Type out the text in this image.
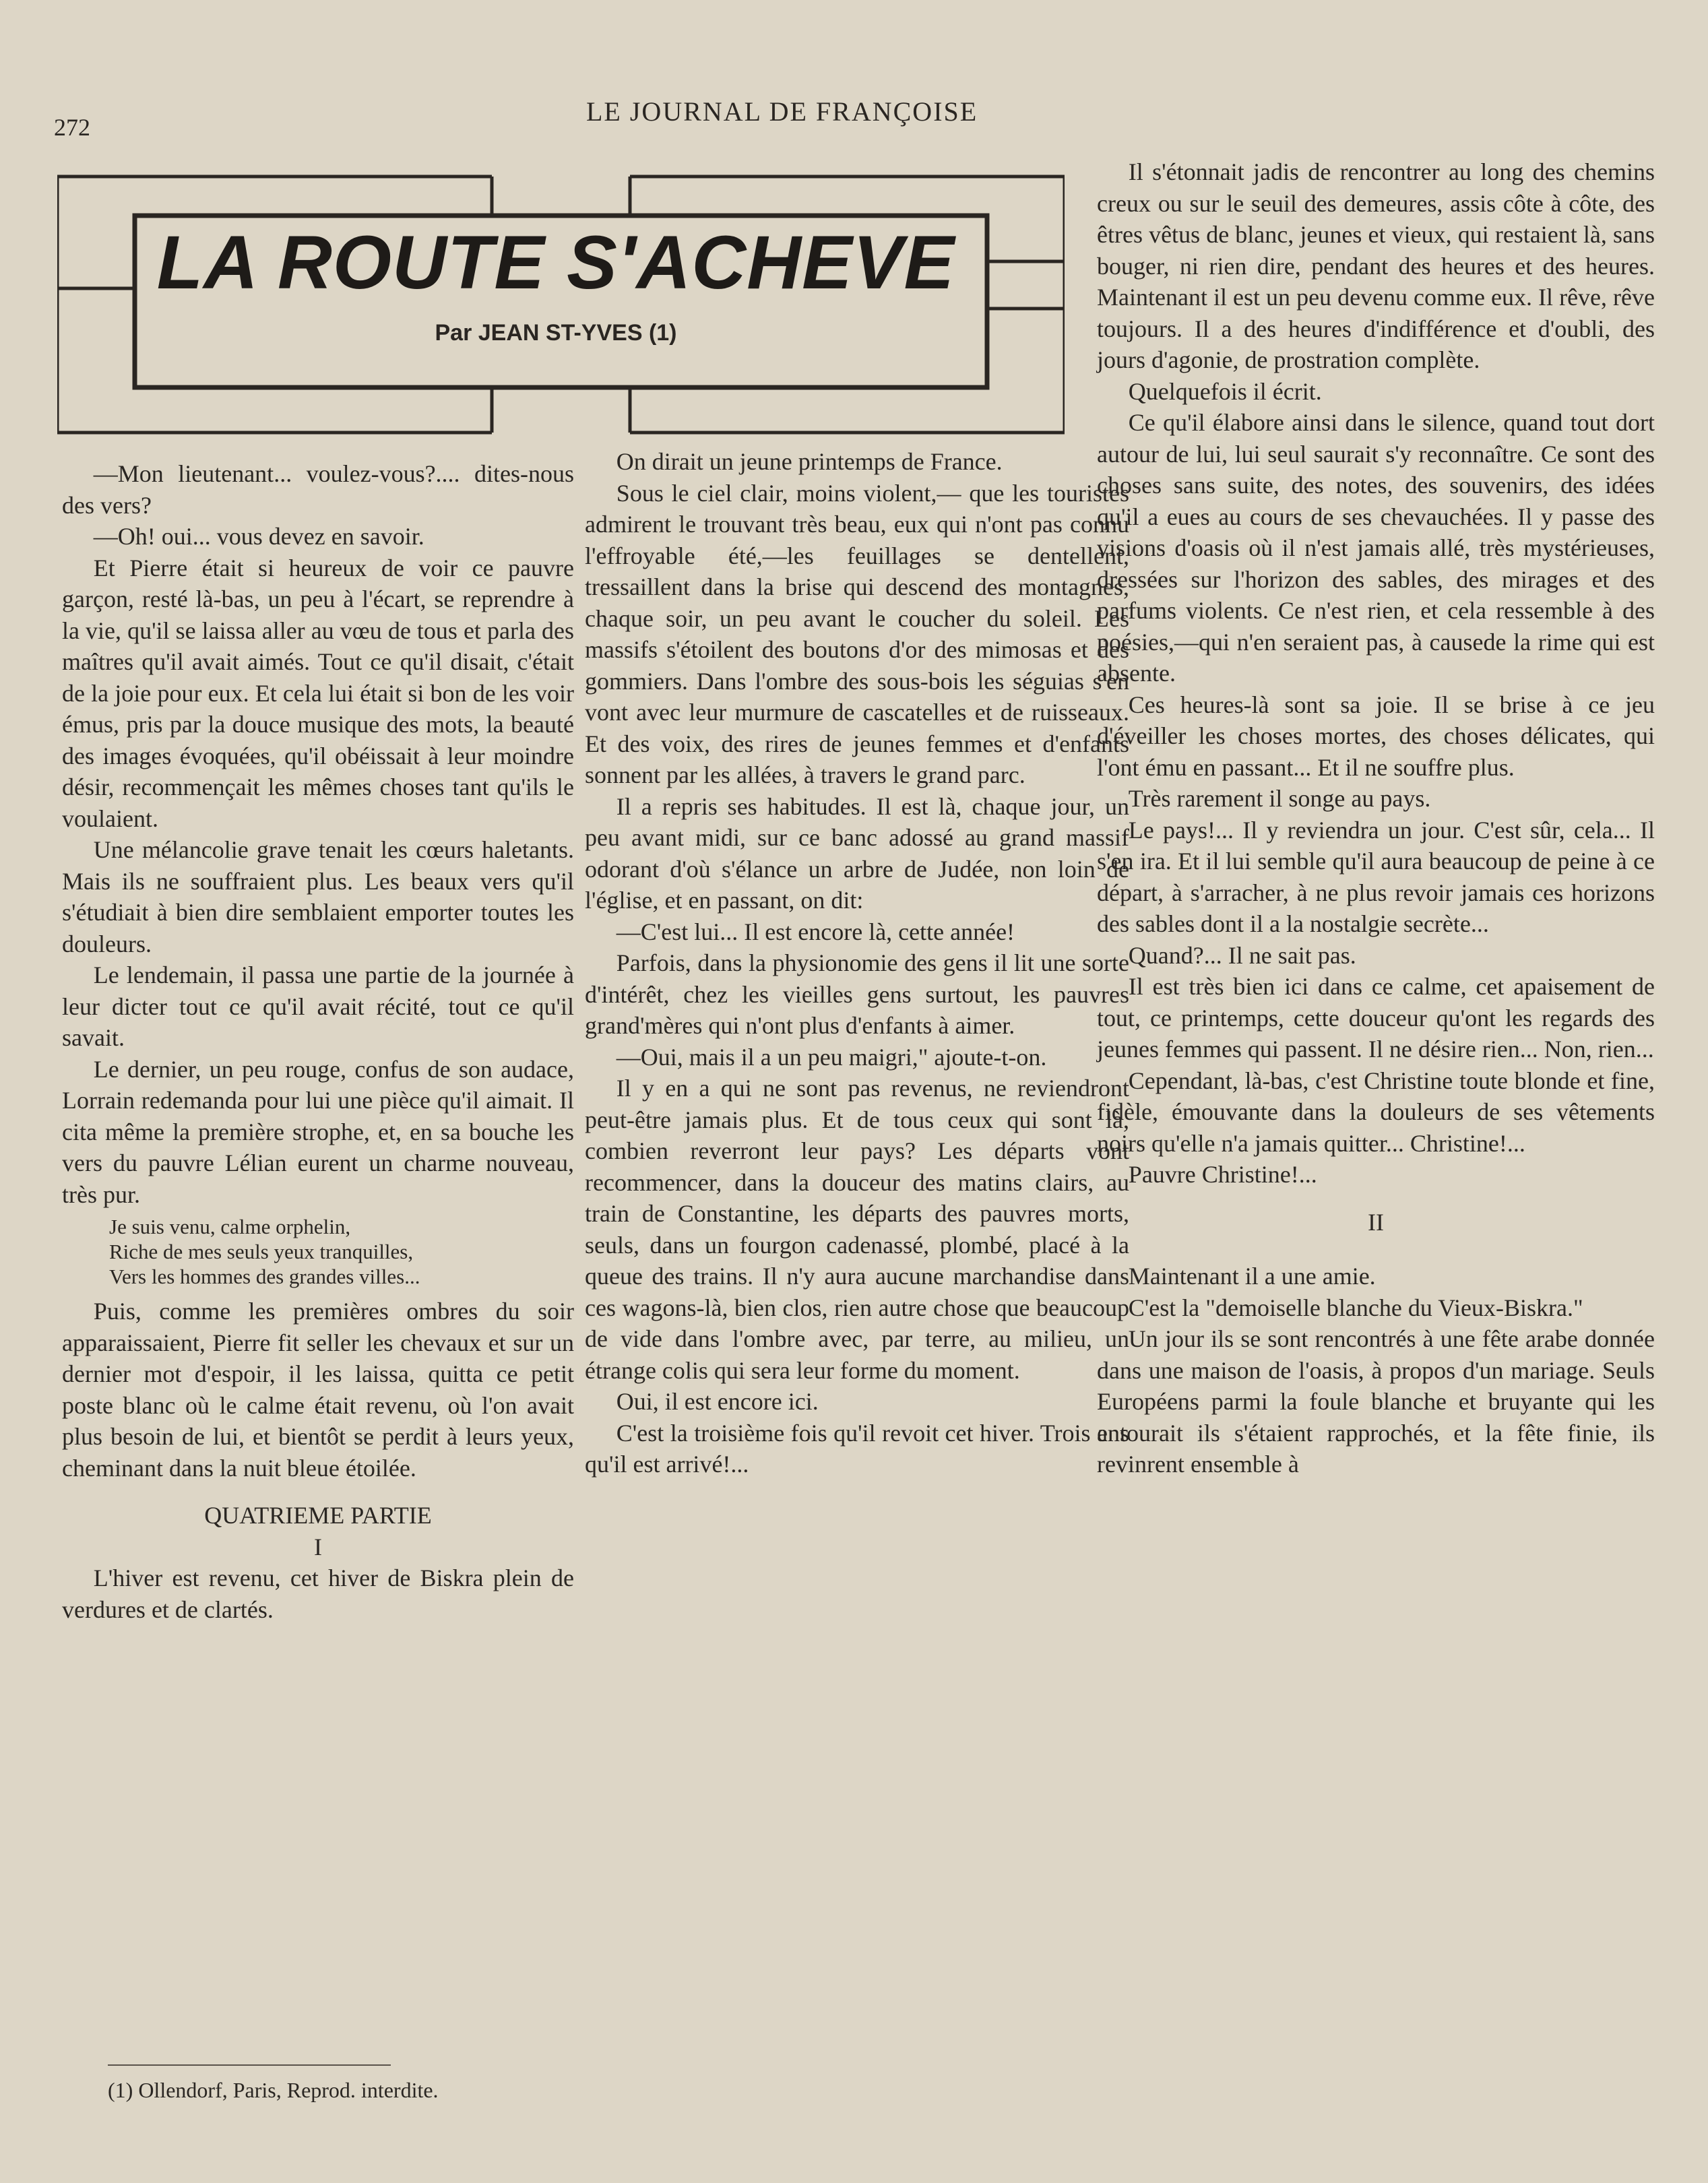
272
LE JOURNAL DE FRANÇOISE
LA ROUTE S'ACHEVE
Par JEAN ST-YVES (1)

—Mon lieutenant... voulez-vous?.... dites-nous des vers?

—Oh! oui... vous devez en savoir.

Et Pierre était si heureux de voir ce pauvre garçon, resté là-bas, un peu à l'écart, se reprendre à la vie, qu'il se laissa aller au vœu de tous et parla des maîtres qu'il avait aimés. Tout ce qu'il disait, c'était de la joie pour eux. Et cela lui était si bon de les voir émus, pris par la douce musique des mots, la beauté des images évoquées, qu'il obéissait à leur moindre désir, recommençait les mêmes choses tant qu'ils le voulaient.

Une mélancolie grave tenait les cœurs haletants. Mais ils ne souffraient plus. Les beaux vers qu'il s'étudiait à bien dire semblaient emporter toutes les douleurs.

Le lendemain, il passa une partie de la journée à leur dicter tout ce qu'il avait récité, tout ce qu'il savait.

Le dernier, un peu rouge, confus de son audace, Lorrain redemanda pour lui une pièce qu'il aimait. Il cita même la première strophe, et, en sa bouche les vers du pauvre Lélian eurent un charme nouveau, très pur.

Je suis venu, calme orphelin,
Riche de mes seuls yeux tranquilles,
Vers les hommes des grandes villes...

Puis, comme les premières ombres du soir apparaissaient, Pierre fit seller les chevaux et sur un dernier mot d'espoir, il les laissa, quitta ce petit poste blanc où le calme était revenu, où l'on avait plus besoin de lui, et bientôt se perdit à leurs yeux, cheminant dans la nuit bleue étoilée.

QUATRIEME PARTIE

I

L'hiver est revenu, cet hiver de Biskra plein de verdures et de clartés.

On dirait un jeune printemps de France.

Sous le ciel clair, moins violent,— que les touristes admirent le trouvant très beau, eux qui n'ont pas connu l'effroyable été,—les feuillages se dentellent, tressaillent dans la brise qui descend des montagnes, chaque soir, un peu avant le coucher du soleil. Les massifs s'étoilent des boutons d'or des mimosas et des gommiers. Dans l'ombre des sous-bois les séguias s'en vont avec leur murmure de cascatelles et de ruisseaux. Et des voix, des rires de jeunes femmes et d'enfants sonnent par les allées, à travers le grand parc.

Il a repris ses habitudes. Il est là, chaque jour, un peu avant midi, sur ce banc adossé au grand massif odorant d'où s'élance un arbre de Judée, non loin de l'église, et en passant, on dit:

—C'est lui... Il est encore là, cette année!

Parfois, dans la physionomie des gens il lit une sorte d'intérêt, chez les vieilles gens surtout, les pauvres grand'mères qui n'ont plus d'enfants à aimer.

—Oui, mais il a un peu maigri," ajoute-t-on.

Il y en a qui ne sont pas revenus, ne reviendront peut-être jamais plus. Et de tous ceux qui sont là, combien reverront leur pays? Les départs vont recommencer, dans la douceur des matins clairs, au train de Constantine, les départs des pauvres morts, seuls, dans un fourgon cadenassé, plombé, placé à la queue des trains. Il n'y aura aucune marchandise dans ces wagons-là, bien clos, rien autre chose que beaucoup de vide dans l'ombre avec, par terre, au milieu, un étrange colis qui sera leur forme du moment.

Oui, il est encore ici.

C'est la troisième fois qu'il revoit cet hiver. Trois ans qu'il est arrivé!...

Il s'étonnait jadis de rencontrer au long des chemins creux ou sur le seuil des demeures, assis côte à côte, des êtres vêtus de blanc, jeunes et vieux, qui restaient là, sans bouger, ni rien dire, pendant des heures et des heures. Maintenant il est un peu devenu comme eux. Il rêve, rêve toujours. Il a des heures d'indifférence et d'oubli, des jours d'agonie, de prostration complète.

Quelquefois il écrit.

Ce qu'il élabore ainsi dans le silence, quand tout dort autour de lui, lui seul saurait s'y reconnaître. Ce sont des choses sans suite, des notes, des souvenirs, des idées qu'il a eues au cours de ses chevauchées. Il y passe des visions d'oasis où il n'est jamais allé, très mystérieuses, dressées sur l'horizon des sables, des mirages et des parfums violents. Ce n'est rien, et cela ressemble à des poésies,—qui n'en seraient pas, à causede la rime qui est absente.

Ces heures-là sont sa joie. Il se brise à ce jeu d'éveiller les choses mortes, des choses délicates, qui l'ont ému en passant... Et il ne souffre plus.

Très rarement il songe au pays.

Le pays!... Il y reviendra un jour. C'est sûr, cela... Il s'en ira. Et il lui semble qu'il aura beaucoup de peine à ce départ, à s'arracher, à ne plus revoir jamais ces horizons des sables dont il a la nostalgie secrète...

Quand?... Il ne sait pas.

Il est très bien ici dans ce calme, cet apaisement de tout, ce printemps, cette douceur qu'ont les regards des jeunes femmes qui passent. Il ne désire rien... Non, rien...

Cependant, là-bas, c'est Christine toute blonde et fine, fidèle, émouvante dans la douleurs de ses vêtements noirs qu'elle n'a jamais quitter... Christine!...

Pauvre Christine!...

II

Maintenant il a une amie.

C'est la "demoiselle blanche du Vieux-Biskra."

Un jour ils se sont rencontrés à une fête arabe donnée dans une maison de l'oasis, à propos d'un mariage. Seuls Européens parmi la foule blanche et bruyante qui les entourait ils s'étaient rapprochés, et la fête finie, ils revinrent ensemble à

(1) Ollendorf, Paris, Reprod. interdite.
